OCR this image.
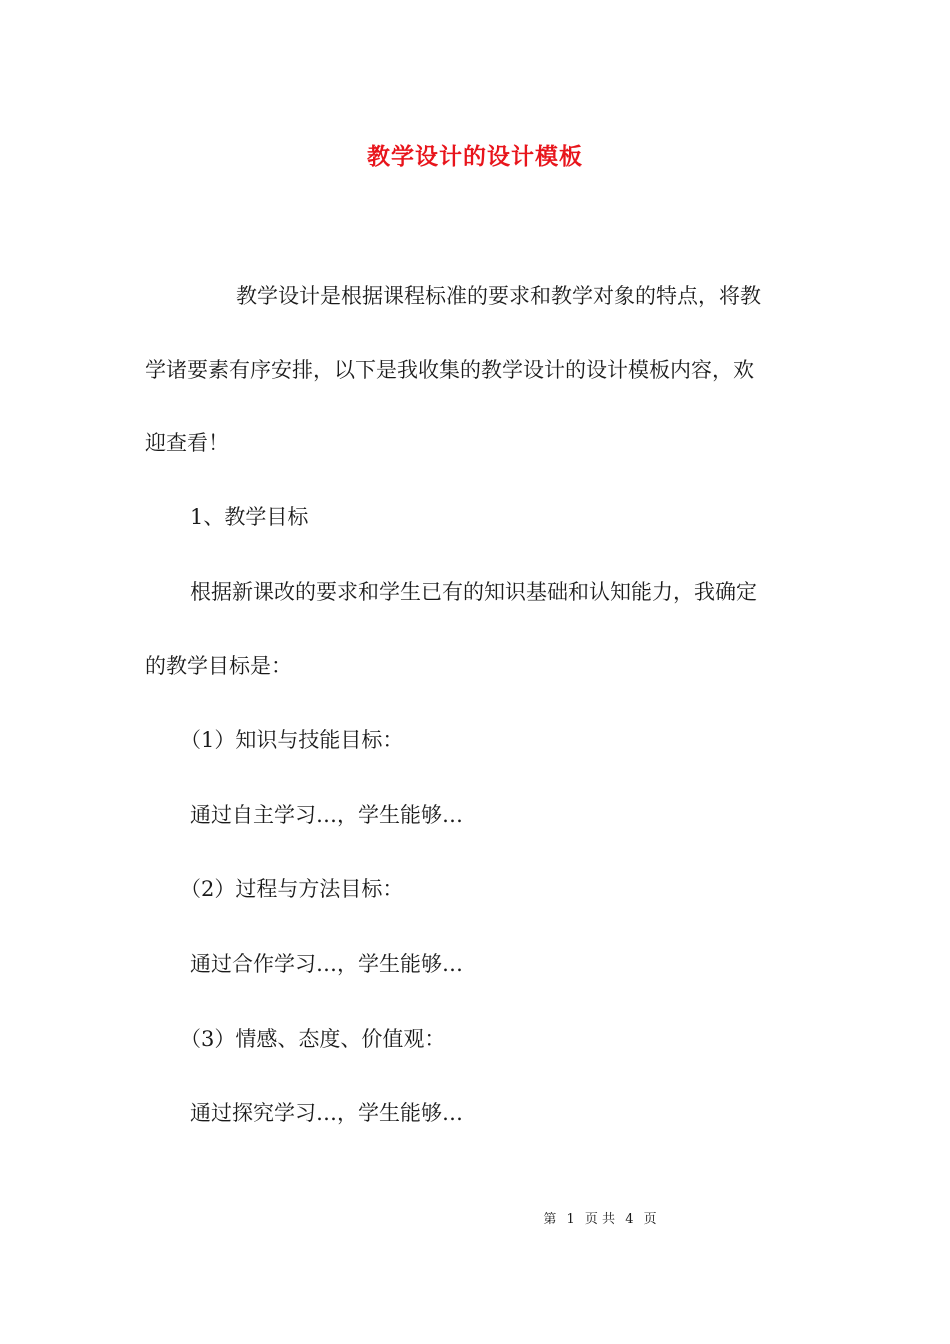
教学设计的设计模板
教学设计是根据课程标准的要求和教学对象的特点，将教
学诸要素有序安排，以下是我收集的教学设计的设计模板内容，欢
迎查看！
1、教学目标
根据新课改的要求和学生已有的知识基础和认知能力，我确定
的教学目标是：
（1）知识与技能目标：
通过自主学习…，学生能够…
（2）过程与方法目标：
通过合作学习…，学生能够…
（3）情感、态度、价值观：
通过探究学习…，学生能够…
第 1 页 共 4 页
